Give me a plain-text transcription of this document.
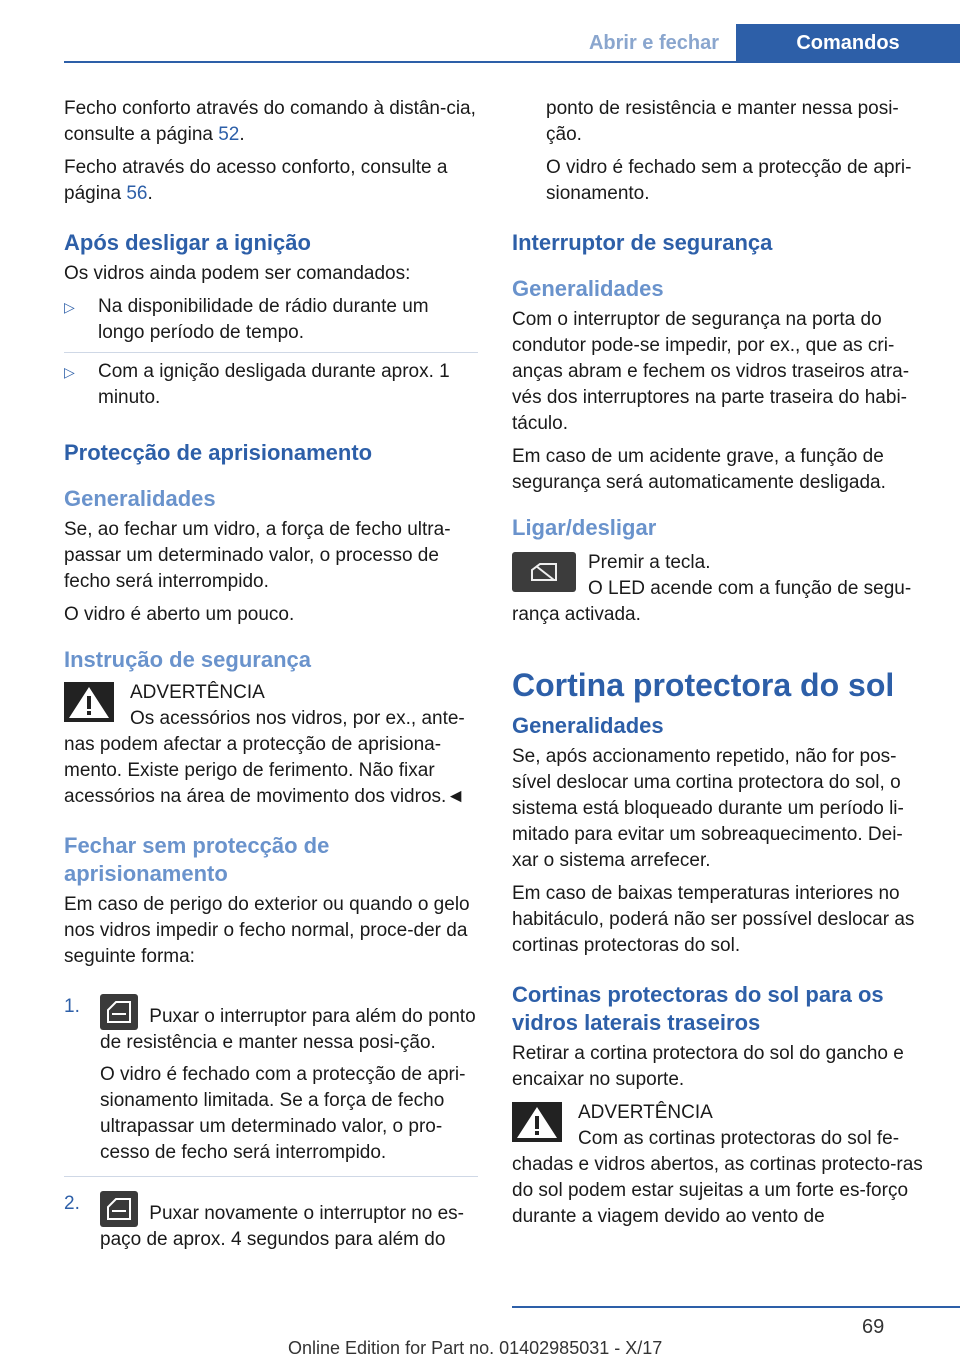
Abrir e fechar	Comandos

Fecho conforto através do comando à distân‐cia, consulte a página 52.

Fecho através do acesso conforto, consulte a página 56.

Após desligar a ignição

Os vidros ainda podem ser comandados:

▷ Na disponibilidade de rádio durante um longo período de tempo.
▷ Com a ignição desligada durante aprox. 1 minuto.
Protecção de aprisionamento
Generalidades

Se, ao fechar um vidro, a força de fecho ultra‐passar um determinado valor, o processo de fecho será interrompido.

O vidro é aberto um pouco.

Instrução de segurança
ADVERTÊNCIA
Os acessórios nos vidros, por ex., ante‐nas podem afectar a protecção de aprisiona‐mento. Existe perigo de ferimento. Não fixar acessórios na área de movimento dos vidros.◄
Fechar sem protecção de aprisionamento

Em caso de perigo do exterior ou quando o gelo nos vidros impedir o fecho normal, proce‐der da seguinte forma:

1.	Puxar o interruptor para além do ponto de resistência e manter nessa posi‐ção.
O vidro é fechado com a protecção de apri‐sionamento limitada. Se a força de fecho ultrapassar um determinado valor, o pro‐cesso de fecho será interrompido.
2.	Puxar novamente o interruptor no es‐paço de aprox. 4 segundos para além do

ponto de resistência e manter nessa posi‐ção.

O vidro é fechado sem a protecção de apri‐sionamento.

Interruptor de segurança
Generalidades

Com o interruptor de segurança na porta do condutor pode-se impedir, por ex., que as cri‐anças abram e fechem os vidros traseiros atra‐vés dos interruptores na parte traseira do habi‐táculo.

Em caso de um acidente grave, a função de segurança será automaticamente desligada.

Ligar/desligar
Premir a tecla.
O LED acende com a função de segu‐rança activada.
Cortina protectora do sol
Generalidades

Se, após accionamento repetido, não for pos‐sível deslocar uma cortina protectora do sol, o sistema está bloqueado durante um período li‐mitado para evitar um sobreaquecimento. Dei‐xar o sistema arrefecer.

Em caso de baixas temperaturas interiores no habitáculo, poderá não ser possível deslocar as cortinas protectoras do sol.

Cortinas protectoras do sol para os vidros laterais traseiros

Retirar a cortina protectora do sol do gancho e encaixar no suporte.

ADVERTÊNCIA
Com as cortinas protectoras do sol fe‐chadas e vidros abertos, as cortinas protecto‐ras do sol podem estar sujeitas a um forte es‐forço durante a viagem devido ao vento de
69
Online Edition for Part no. 01402985031 - X/17
